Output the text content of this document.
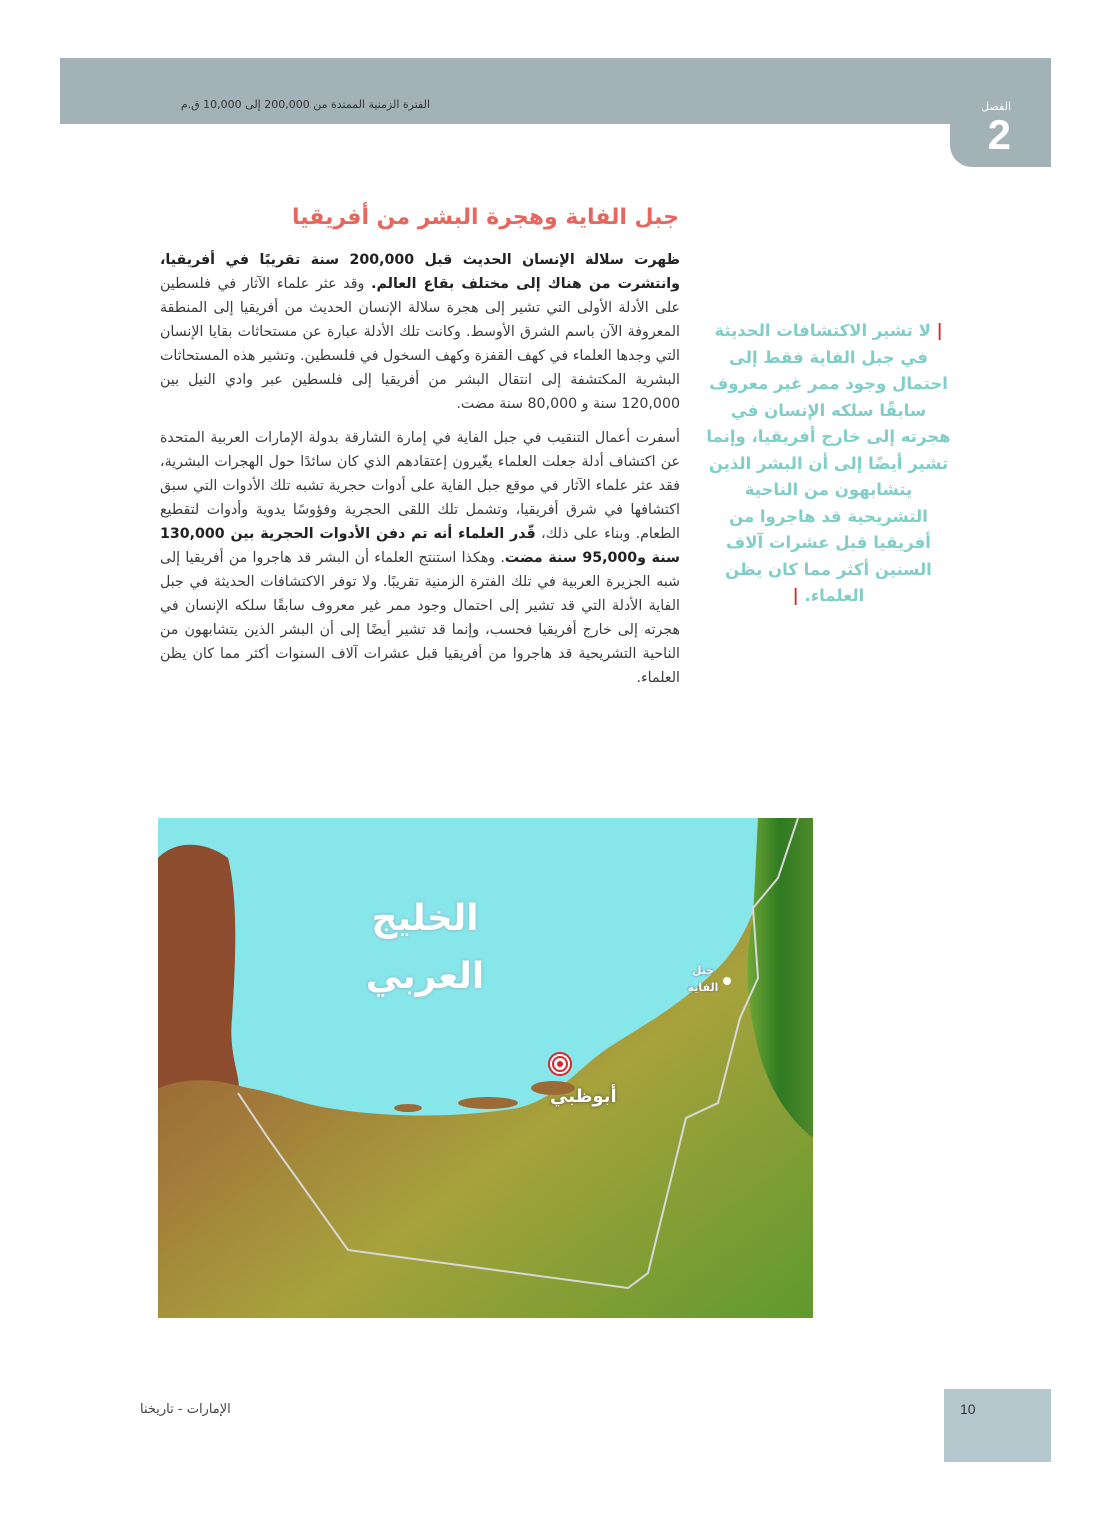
الفترة الزمنية الممتدة من 200,000 إلى 10,000 ق.م	الفصل
2
جبل الفاية وهجرة البشر من أفريقيا

ظهرت سلالة الإنسان الحديث قبل 200,000 سنة تقريبًا في أفريقيا، وانتشرت من هناك إلى مختلف بقاع العالم. وقد عثر علماء الآثار في فلسطين على الأدلة الأولى التي تشير إلى هجرة سلالة الإنسان الحديث من أفريقيا إلى المنطقة المعروفة الآن باسم الشرق الأوسط. وكانت تلك الأدلة عبارة عن مستحاثات بقايا الإنسان التي وجدها العلماء في كهف القفزة وكهف السخول في فلسطين. وتشير هذه المستحاثات البشرية المكتشفة إلى انتقال البشر من أفريقيا إلى فلسطين عبر وادي النيل بين 120,000 سنة و 80,000 سنة مضت.

أسفرت أعمال التنقيب في جبل الفاية في إمارة الشارقة بدولة الإمارات العربية المتحدة عن اكتشاف أدلة جعلت العلماء يغّيرون إعتقادهم الذي كان سائدًا حول الهجرات البشرية، فقد عثر علماء الآثار في موقع جبل الفاية على أدوات حجرية تشبه تلك الأدوات التي سبق اكتشافها في شرق أفريقيا، وتشمل تلك اللقى الحجرية وفؤوسًا يدوية وأدوات لتقطيع الطعام. وبناء على ذلك، قّدر العلماء أنه تم دفن الأدوات الحجرية بين 130,000 سنة و95,000 سنة مضت. وهكذا استنتج العلماء أن البشر قد هاجروا من أفريقيا إلى شبه الجزيرة العربية في تلك الفترة الزمنية تقريبًا. ولا توفر الاكتشافات الحديثة في جبل الفاية الأدلة التي قد تشير إلى احتمال وجود ممر غير معروف سابقًا سلكه الإنسان في هجرته إلى خارج أفريقيا فحسب، وإنما قد تشير أيضًا إلى أن البشر الذين يتشابهون من الناحية التشريحية قد هاجروا من أفريقيا قبل عشرات آلاف السنوات أكثر مما كان يظن العلماء.

| لا تشير الاكتشافات الحديثة في جبل الفاية فقط إلى احتمال وجود ممر غير معروف سابقًا سلكه الإنسان في هجرته إلى خارج أفريقيا، وإنما تشير أيضًا إلى أن البشر الذين يتشابهون من الناحية التشريحية قد هاجروا من أفريقيا قبل عشرات آلاف السنين أكثر مما كان يظن العلماء. |
الخليج
العربي	جبل
الفاية
أبوظبي
الإمارات - تاريخنا	10
